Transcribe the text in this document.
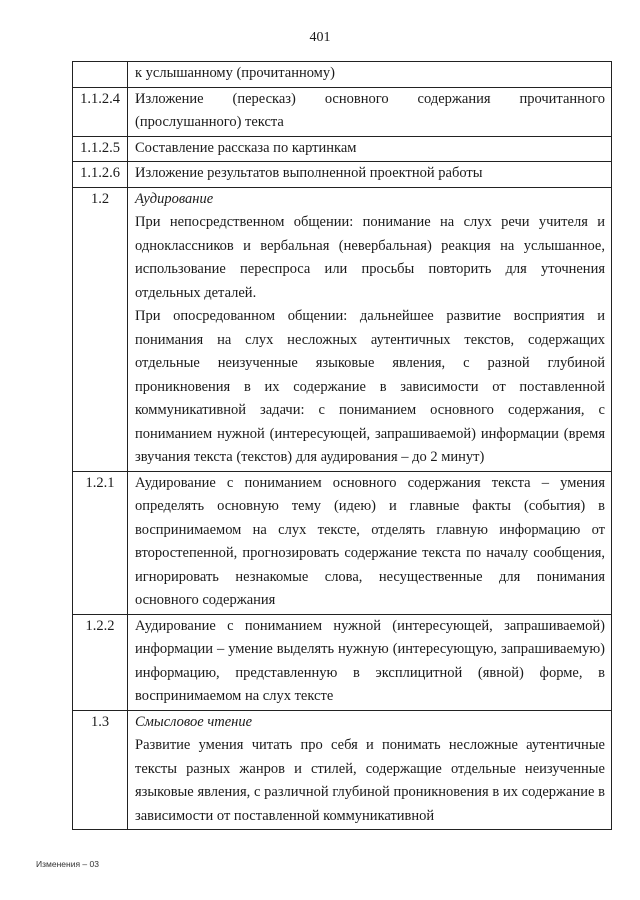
401

	к услышанному (прочитанному)

1.1.2.4	Изложение (пересказ) основного содержания прочитанного (прослушанного) текста

1.1.2.5	Составление рассказа по картинкам

1.1.2.6	Изложение результатов выполненной проектной работы

1.2	Аудирование

При непосредственном общении: понимание на слух речи учителя и одноклассников и вербальная (невербальная) реакция на услышанное, использование переспроса или просьбы повторить для уточнения отдельных деталей.

При опосредованном общении: дальнейшее развитие восприятия и понимания на слух несложных аутентичных текстов, содержащих отдельные неизученные языковые явления, с разной глубиной проникновения в их содержание в зависимости от поставленной коммуникативной задачи: с пониманием основного содержания, с пониманием нужной (интересующей, запрашиваемой) информации (время звучания текста (текстов) для аудирования – до 2 минут)

1.2.1	Аудирование с пониманием основного содержания текста – умения определять основную тему (идею) и главные факты (события) в воспринимаемом на слух тексте, отделять главную информацию от второстепенной, прогнозировать содержание текста по началу сообщения, игнорировать незнакомые слова, несущественные для понимания основного содержания

1.2.2	Аудирование с пониманием нужной (интересующей, запрашиваемой) информации – умение выделять нужную (интересующую, запрашиваемую) информацию, представленную в эксплицитной (явной) форме, в воспринимаемом на слух тексте

1.3	Смысловое чтение

Развитие умения читать про себя и понимать несложные аутентичные тексты разных жанров и стилей, содержащие отдельные неизученные языковые явления, с различной глубиной проникновения в их содержание в зависимости от поставленной коммуникативной

Изменения – 03
